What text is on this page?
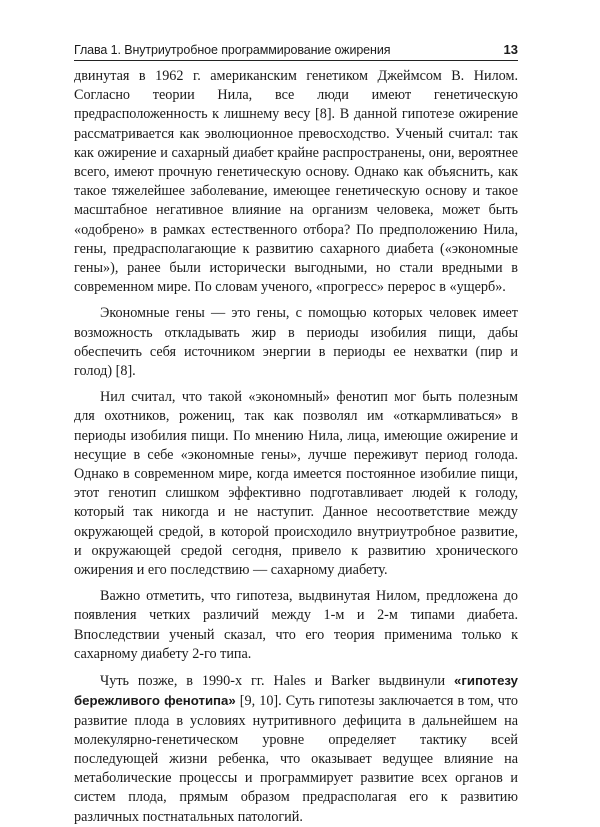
Глава 1. Внутриутробное программирование ожирения	13

двинутая в 1962 г. американским генетиком Джеймсом В. Нилом. Согласно теории Нила, все люди имеют генетическую предрасположенность к лишнему весу [8]. В данной гипотезе ожирение рассматривается как эволюционное превосходство. Ученый считал: так как ожирение и сахарный диабет крайне распространены, они, вероятнее всего, имеют прочную генетическую основу. Однако как объяснить, как такое тяжелейшее заболевание, имеющее генетическую основу и такое масштабное негативное влияние на организм человека, может быть «одобрено» в рамках естественного отбора? По предположению Нила, гены, предрасполагающие к развитию сахарного диабета («экономные гены»), ранее были исторически выгодными, но стали вредными в современном мире. По словам ученого, «прогресс» перерос в «ущерб».

Экономные гены — это гены, с помощью которых человек имеет возможность откладывать жир в периоды изобилия пищи, дабы обеспечить себя источником энергии в периоды ее нехватки (пир и голод) [8].

Нил считал, что такой «экономный» фенотип мог быть полезным для охотников, рожениц, так как позволял им «откармливаться» в периоды изобилия пищи. По мнению Нила, лица, имеющие ожирение и несущие в себе «экономные гены», лучше переживут период голода. Однако в современном мире, когда имеется постоянное изобилие пищи, этот генотип слишком эффективно подготавливает людей к голоду, который так никогда и не наступит. Данное несоответствие между окружающей средой, в которой происходило внутриутробное развитие, и окружающей средой сегодня, привело к развитию хронического ожирения и его последствию — сахарному диабету.

Важно отметить, что гипотеза, выдвинутая Нилом, предложена до появления четких различий между 1-м и 2-м типами диабета. Впоследствии ученый сказал, что его теория применима только к сахарному диабету 2-го типа.

Чуть позже, в 1990-х гг. Hales и Barker выдвинули «гипотезу бережливого фенотипа» [9, 10]. Суть гипотезы заключается в том, что развитие плода в условиях нутритивного дефицита в дальнейшем на молекулярно-генетическом уровне определяет тактику всей последующей жизни ребенка, что оказывает ведущее влияние на метаболические процессы и программирует развитие всех органов и систем плода, прямым образом предрасполагая его к развитию различных постнатальных патологий.
